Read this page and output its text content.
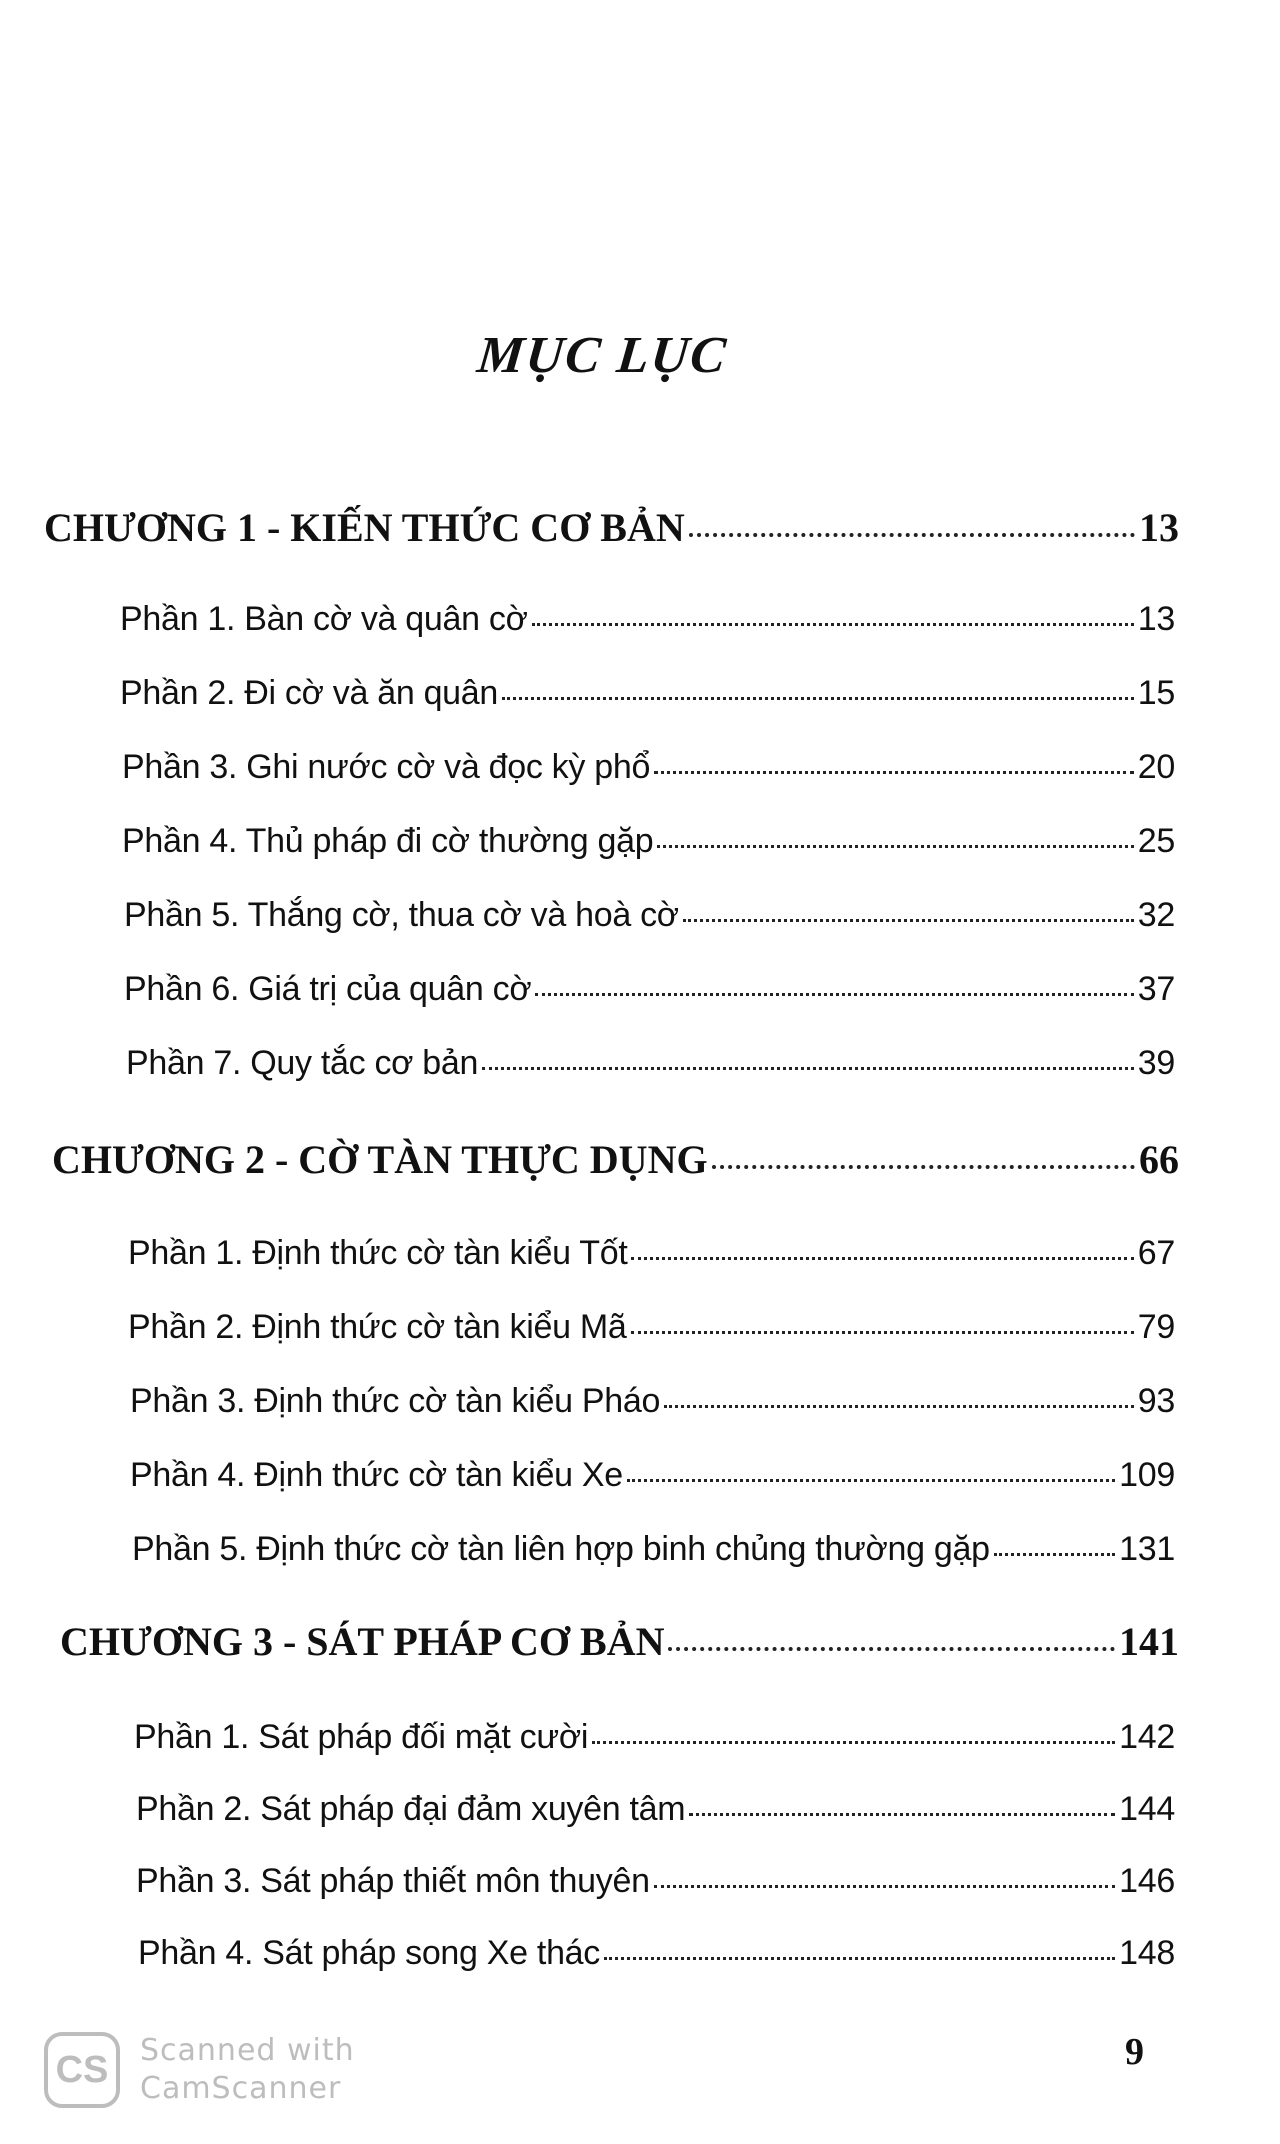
MỤC LỤC
CHƯƠNG 1 - KIẾN THỨC CƠ BẢN	13
Phần 1. Bàn cờ và quân cờ	13
Phần 2. Đi cờ và ăn quân	15
Phần 3. Ghi nước cờ và đọc kỳ phổ	20
Phần 4. Thủ pháp đi cờ thường gặp	25
Phần 5. Thắng cờ, thua cờ và hoà cờ	32
Phần 6. Giá trị của quân cờ	37
Phần 7. Quy tắc cơ bản	39
CHƯƠNG 2 - CỜ TÀN THỰC DỤNG	66
Phần 1. Định thức cờ tàn kiểu Tốt	67
Phần 2. Định thức cờ tàn kiểu Mã	79
Phần 3. Định thức cờ tàn kiểu Pháo	93
Phần 4. Định thức cờ tàn kiểu Xe	109
Phần 5. Định thức cờ tàn liên hợp binh chủng thường gặp	131
CHƯƠNG 3 - SÁT PHÁP CƠ BẢN	141
Phần 1. Sát pháp đối mặt cười	142
Phần 2. Sát pháp đại đảm xuyên tâm	144
Phần 3. Sát pháp thiết môn thuyên	146
Phần 4. Sát pháp song Xe thác	148
9
CS	Scanned with
CamScanner
